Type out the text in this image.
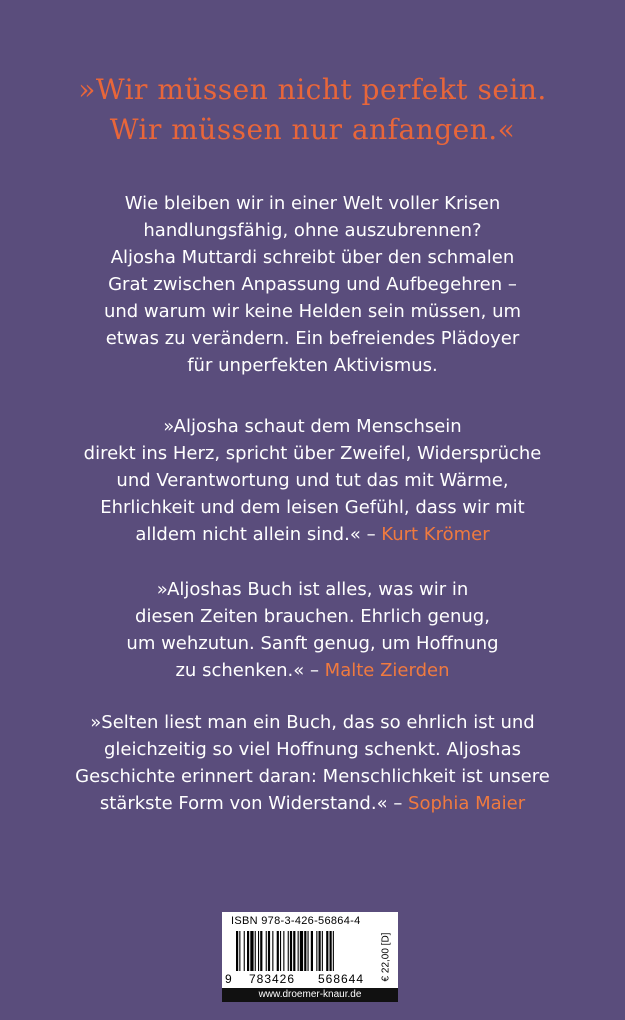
»Wir müssen nicht perfekt sein.
Wir müssen nur anfangen.«
Wie bleiben wir in einer Welt voller Krisen
handlungsfähig, ohne auszubrennen?
Aljosha Muttardi schreibt über den schmalen
Grat zwischen Anpassung und Aufbegehren –
und warum wir keine Helden sein müssen, um
etwas zu verändern. Ein befreiendes Plädoyer
für unperfekten Aktivismus.
»Aljosha schaut dem Menschsein
direkt ins Herz, spricht über Zweifel, Widersprüche
und Verantwortung und tut das mit Wärme,
Ehrlichkeit und dem leisen Gefühl, dass wir mit
alldem nicht allein sind.« – Kurt Krömer
»Aljoshas Buch ist alles, was wir in
diesen Zeiten brauchen. Ehrlich genug,
um wehzutun. Sanft genug, um Hoffnung
zu schenken.« – Malte Zierden
»Selten liest man ein Buch, das so ehrlich ist und
gleichzeitig so viel Hoffnung schenkt. Aljoshas
Geschichte erinnert daran: Menschlichkeit ist unsere
stärkste Form von Widerstand.« – Sophia Maier
ISBN 978-3-426-56864-4
9	783426	568644	€ 22,00 [D]
www.droemer-knaur.de
